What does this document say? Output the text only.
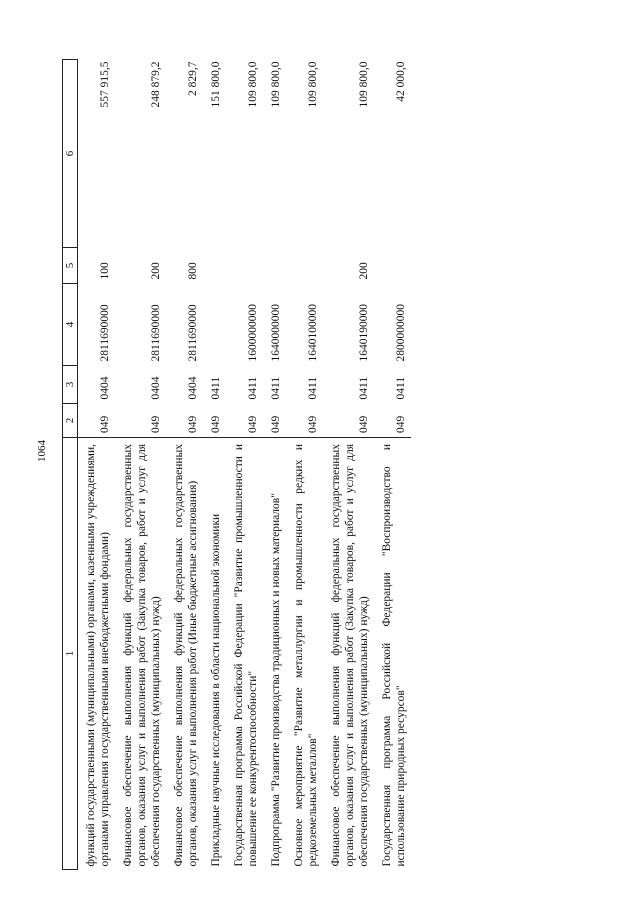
1064
1	2	3	4	5	6
функций государственными (муниципальными) органами, казенными учреждениями, органами управления государственными внебюджетными фондами)	049	0404	2811690000	100	557 915,5
Финансовое обеспечение выполнения функций федеральных государственных органов, оказания услуг и выполнения работ (Закупка товаров, работ и услуг для обеспечения государственных (муниципальных) нужд)	049	0404	2811690000	200	248 879,2
Финансовое обеспечение выполнения функций федеральных государственных органов, оказания услуг и выполнения работ (Иные бюджетные ассигнования)	049	0404	2811690000	800	2 829,7
Прикладные научные исследования в области национальной экономики	049	0411			151 800,0
Государственная программа Российской Федерации "Развитие промышленности и повышение ее конкурентоспособности"	049	0411	1600000000		109 800,0
Подпрограмма "Развитие производства традиционных и новых материалов"	049	0411	1640000000		109 800,0
Основное мероприятие "Развитие металлургии и промышленности редких и редкоземельных металлов"	049	0411	1640100000		109 800,0
Финансовое обеспечение выполнения функций федеральных государственных органов, оказания услуг и выполнения работ (Закупка товаров, работ и услуг для обеспечения государственных (муниципальных) нужд)	049	0411	1640190000	200	109 800,0
Государственная программа Российской Федерации "Воспроизводство и использование природных ресурсов"	049	0411	2800000000		42 000,0
